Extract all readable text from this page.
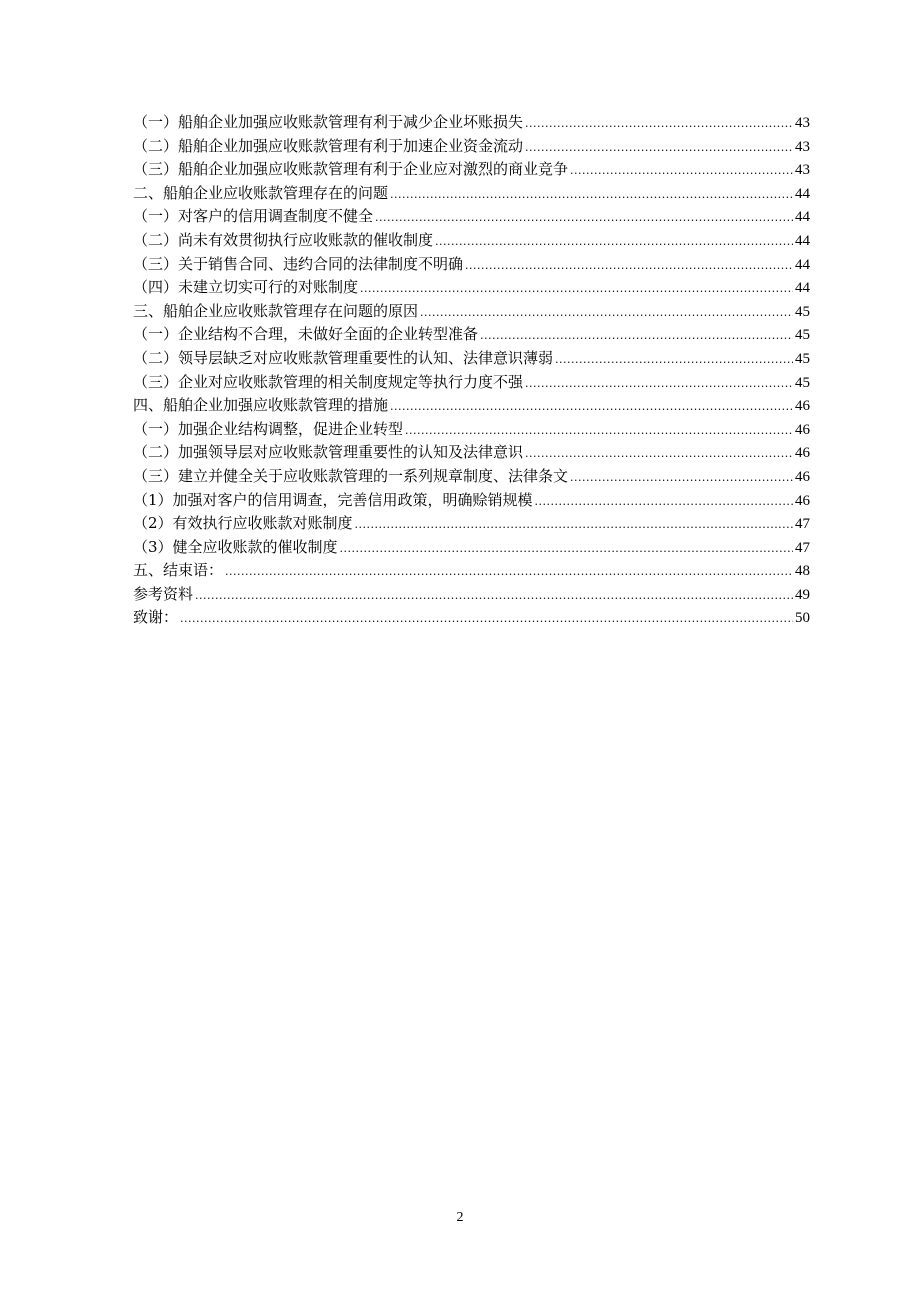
（一）船舶企业加强应收账款管理有利于减少企业坏账损失 .....	43
（二）船舶企业加强应收账款管理有利于加速企业资金流动 .....	43
（三）船舶企业加强应收账款管理有利于企业应对激烈的商业竞争 .....	43
二、船舶企业应收账款管理存在的问题 .....	44
（一）对客户的信用调查制度不健全 .....	44
（二）尚未有效贯彻执行应收账款的催收制度 .....	44
（三）关于销售合同、违约合同的法律制度不明确 .....	44
（四）未建立切实可行的对账制度 .....	44
三、船舶企业应收账款管理存在问题的原因 .....	45
（一）企业结构不合理，未做好全面的企业转型准备 .....	45
（二）领导层缺乏对应收账款管理重要性的认知、法律意识薄弱 .....	45
（三）企业对应收账款管理的相关制度规定等执行力度不强 .....	45
四、船舶企业加强应收账款管理的措施 .....	46
（一）加强企业结构调整，促进企业转型 .....	46
（二）加强领导层对应收账款管理重要性的认知及法律意识 .....	46
（三）建立并健全关于应收账款管理的一系列规章制度、法律条文 .....	46
（1）加强对客户的信用调查，完善信用政策，明确赊销规模 .....	46
（2）有效执行应收账款对账制度 .....	47
（3）健全应收账款的催收制度 .....	47
五、结束语： .....	48
参考资料 .....	49
致谢： .....	50
2
